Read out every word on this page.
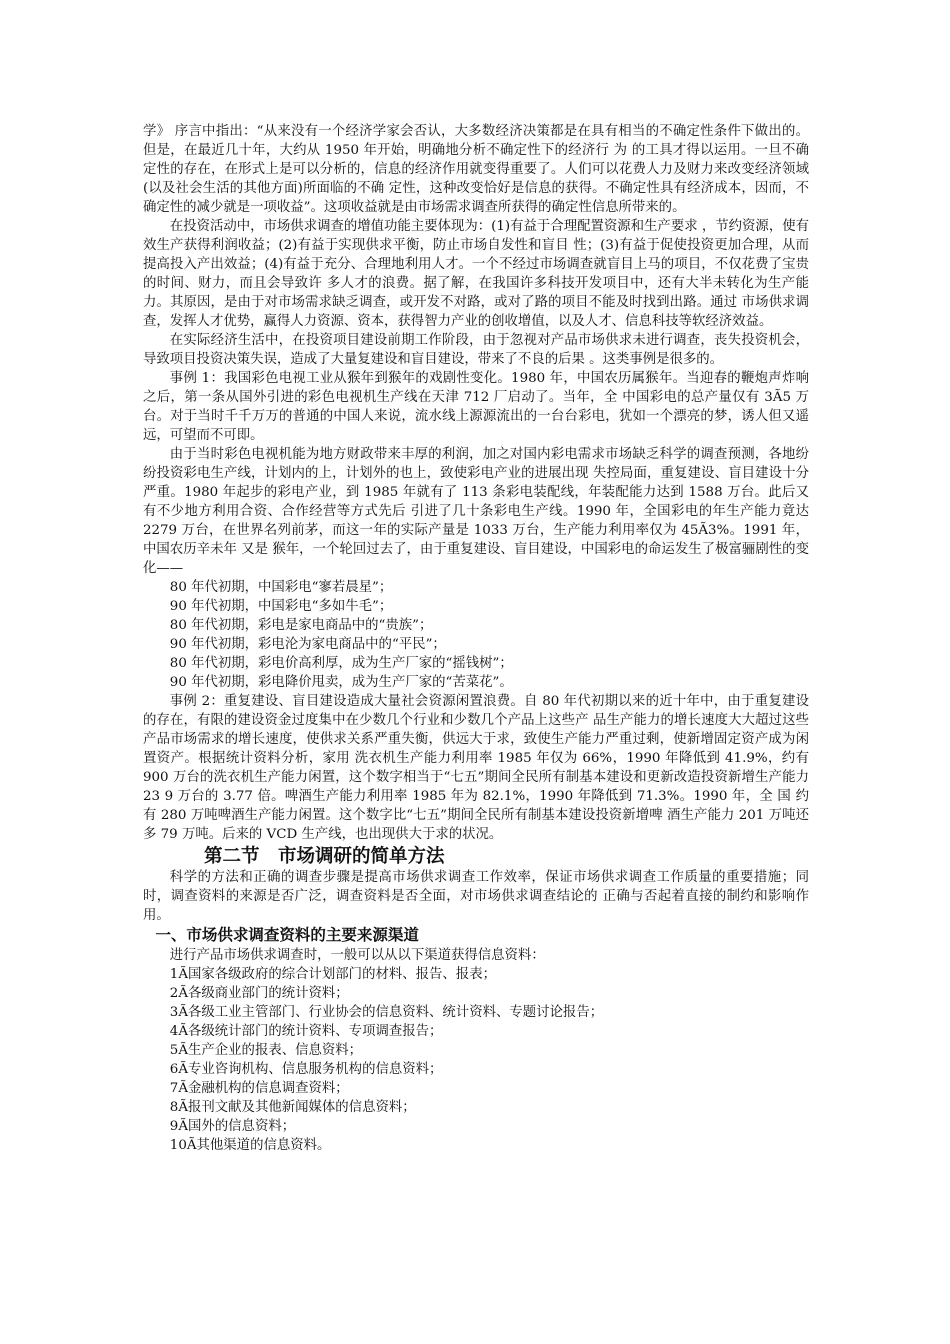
学》 序言中指出：“从来没有一个经济学家会否认，大多数经济决策都是在具有相当的不确定性条件下做出的。但是，在最近几十年，大约从 1950 年开始，明确地分析不确定性下的经济行 为 的工具才得以运用。一旦不确定性的存在，在形式上是可以分析的，信息的经济作用就变得重要了。人们可以花费人力及财力来改变经济领域(以及社会生活的其他方面)所面临的不确 定性，这种改变恰好是信息的获得。不确定性具有经济成本，因而，不确定性的减少就是一项收益”。这项收益就是由市场需求调查所获得的确定性信息所带来的。

在投资活动中，市场供求调查的增值功能主要体现为：(1)有益于合理配置资源和生产要求 ，节约资源，使有效生产获得利润收益；(2)有益于实现供求平衡，防止市场自发性和盲目 性；(3)有益于促使投资更加合理，从而提高投入产出效益；(4)有益于充分、合理地利用人才。一个不经过市场调查就盲目上马的项目，不仅花费了宝贵的时间、财力，而且会导致许 多人才的浪费。据了解，在我国许多科技开发项目中，还有大半未转化为生产能力。其原因，是由于对市场需求缺乏调查，或开发不对路，或对了路的项目不能及时找到出路。通过 市场供求调查，发挥人才优势，赢得人力资源、资本，获得智力产业的创收增值，以及人才、信息科技等软经济效益。

在实际经济生活中，在投资项目建设前期工作阶段，由于忽视对产品市场供求未进行调查，丧失投资机会，导致项目投资决策失误，造成了大量复建设和盲目建设，带来了不良的后果 。这类事例是很多的。

事例 1：我国彩色电视工业从猴年到猴年的戏剧性变化。1980 年，中国农历属猴年。当迎春的鞭炮声炸响之后，第一条从国外引进的彩色电视机生产线在天津 712 厂启动了。当年，全 中国彩电的总产量仅有 3Ã5 万台。对于当时千千万万的普通的中国人来说，流水线上源源流出的一台台彩电，犹如一个漂亮的梦，诱人但又遥远，可望而不可即。

由于当时彩色电视机能为地方财政带来丰厚的利润，加之对国内彩电需求市场缺乏科学的调查预测，各地纷纷投资彩电生产线，计划内的上，计划外的也上，致使彩电产业的进展出现 失控局面，重复建设、盲目建设十分严重。1980 年起步的彩电产业，到 1985 年就有了 113 条彩电装配线，年装配能力达到 1588 万台。此后又有不少地方利用合资、合作经营等方式先后 引进了几十条彩电生产线。1990 年，全国彩电的年生产能力竟达 2279 万台，在世界名列前茅，而这一年的实际产量是 1033 万台，生产能力利用率仅为 45Ã3%。1991 年，中国农历辛未年 又是 猴年，一个轮回过去了，由于重复建设、盲目建设，中国彩电的命运发生了极富骊剧性的变化——

80 年代初期，中国彩电“寥若晨星”；

90 年代初期，中国彩电“多如牛毛”；

80 年代初期，彩电是家电商品中的“贵族”；

90 年代初期，彩电沦为家电商品中的“平民”；

80 年代初期，彩电价高利厚，成为生产厂家的“摇钱树”；

90 年代初期，彩电降价甩卖，成为生产厂家的“苦菜花”。

事例 2：重复建设、盲目建设造成大量社会资源闲置浪费。自 80 年代初期以来的近十年中，由于重复建设的存在，有限的建设资金过度集中在少数几个行业和少数几个产品上这些产 品生产能力的增长速度大大超过这些产品市场需求的增长速度，使供求关系严重失衡，供远大于求，致使生产能力严重过剩，使新增固定资产成为闲置资产。根据统计资料分析，家用 洗衣机生产能力利用率 1985 年仅为 66%，1990 年降低到 41.9%，约有 900 万台的洗衣机生产能力闲置，这个数字相当于“七五”期间全民所有制基本建设和更新改造投资新增生产能力 23 9 万台的 3.77 倍。啤酒生产能力利用率 1985 年为 82.1%，1990 年降低到 71.3%。1990 年，全 国 约有 280 万吨啤酒生产能力闲置。这个数字比“七五”期间全民所有制基本建设投资新增啤 酒生产能力 201 万吨还多 79 万吨。后来的 VCD 生产线，也出现供大于求的状况。

第二节　市场调研的简单方法

科学的方法和正确的调查步骤是提高市场供求调查工作效率，保证市场供求调查工作质量的重要措施；同时，调查资料的来源是否广泛，调查资料是否全面，对市场供求调查结论的 正确与否起着直接的制约和影响作用。

一、市场供求调查资料的主要来源渠道

进行产品市场供求调查时，一般可以从以下渠道获得信息资料：

1Ã国家各级政府的综合计划部门的材料、报告、报表；

2Ã各级商业部门的统计资料；

3Ã各级工业主管部门、行业协会的信息资料、统计资料、专题讨论报告；

4Ã各级统计部门的统计资料、专项调查报告；

5Ã生产企业的报表、信息资料；

6Ã专业咨询机构、信息服务机构的信息资料；

7Ã金融机构的信息调查资料；

8Ã报刊文献及其他新闻媒体的信息资料；

9Ã国外的信息资料；

10Ã其他渠道的信息资料。
